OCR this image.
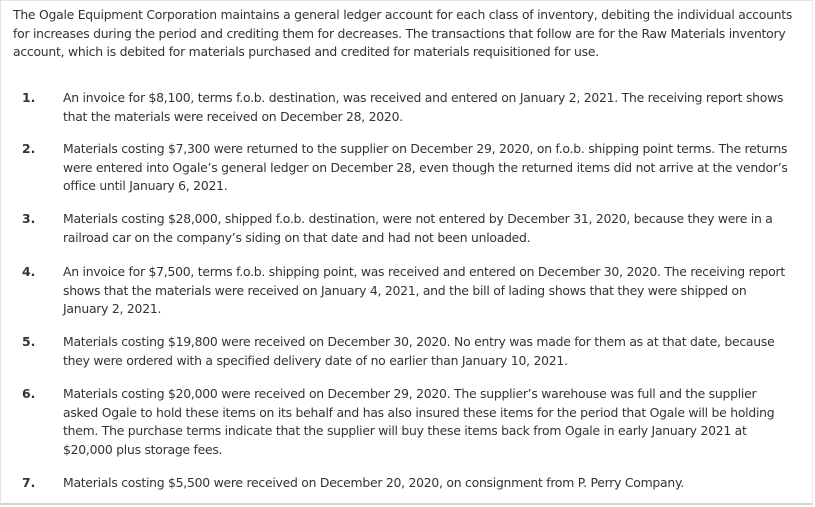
The Ogale Equipment Corporation maintains a general ledger account for each class of inventory, debiting the individual accounts for increases during the period and crediting them for decreases. The transactions that follow are for the Raw Materials inventory account, which is debited for materials purchased and credited for materials requisitioned for use.

1. An invoice for $8,100, terms f.o.b. destination, was received and entered on January 2, 2021. The receiving report shows that the materials were received on December 28, 2020.
2. Materials costing $7,300 were returned to the supplier on December 29, 2020, on f.o.b. shipping point terms. The returns were entered into Ogale’s general ledger on December 28, even though the returned items did not arrive at the vendor’s office until January 6, 2021.
3. Materials costing $28,000, shipped f.o.b. destination, were not entered by December 31, 2020, because they were in a railroad car on the company’s siding on that date and had not been unloaded.
4. An invoice for $7,500, terms f.o.b. shipping point, was received and entered on December 30, 2020. The receiving report shows that the materials were received on January 4, 2021, and the bill of lading shows that they were shipped on January 2, 2021.
5. Materials costing $19,800 were received on December 30, 2020. No entry was made for them as at that date, because they were ordered with a specified delivery date of no earlier than January 10, 2021.
6. Materials costing $20,000 were received on December 29, 2020. The supplier’s warehouse was full and the supplier asked Ogale to hold these items on its behalf and has also insured these items for the period that Ogale will be holding them. The purchase terms indicate that the supplier will buy these items back from Ogale in early January 2021 at $20,000 plus storage fees.
7. Materials costing $5,500 were received on December 20, 2020, on consignment from P. Perry Company.
